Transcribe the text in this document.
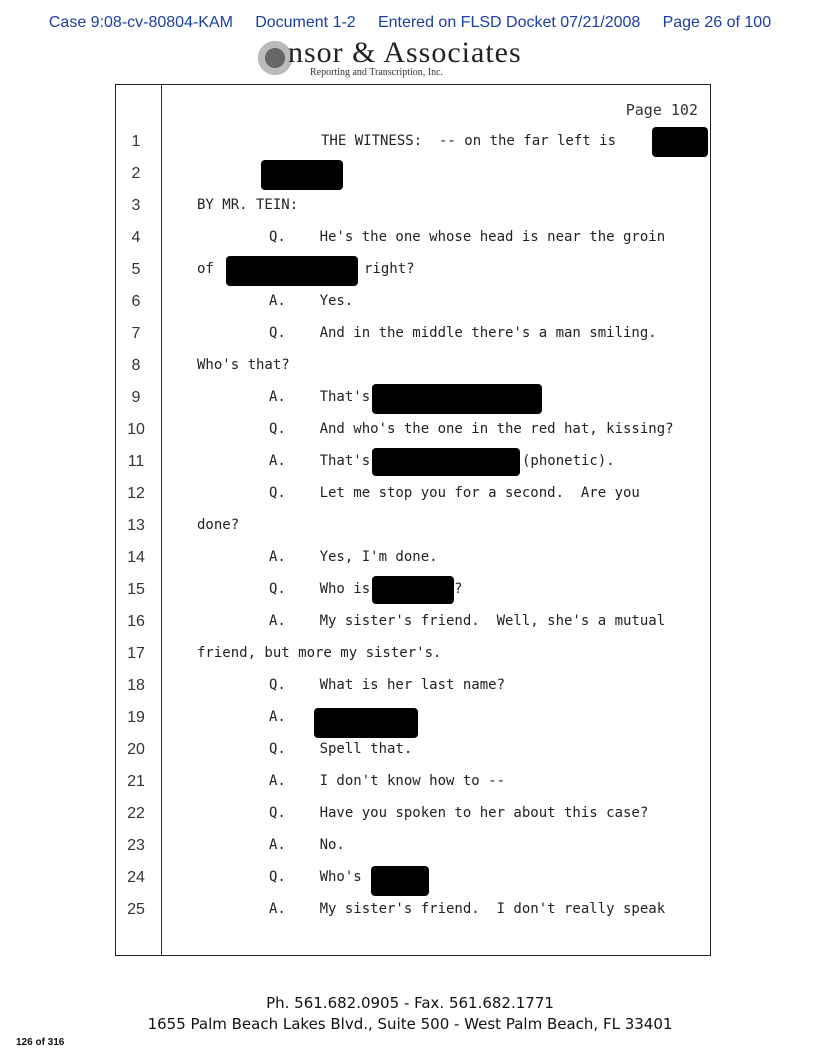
Case 9:08-cv-80804-KAM Document 1-2 Entered on FLSD Docket 07/21/2008 Page 26 of 100
nsor & Associates
Reporting and Transcription, Inc.
Page 102
1	THE WITNESS:  -- on the far left is
2
3	BY MR. TEIN:
4	Q.    He's the one whose head is near the groin
5	of	right?
6	A.    Yes.
7	Q.    And in the middle there's a man smiling.
8	Who's that?
9	A.    That's
10	Q.    And who's the one in the red hat, kissing?
11	A.    That's	(phonetic).
12	Q.    Let me stop you for a second.  Are you
13	done?
14	A.    Yes, I'm done.
15	Q.    Who is	?
16	A.    My sister's friend.  Well, she's a mutual
17	friend, but more my sister's.
18	Q.    What is her last name?
19	A.
20	Q.    Spell that.
21	A.    I don't know how to --
22	Q.    Have you spoken to her about this case?
23	A.    No.
24	Q.    Who's
25	A.    My sister's friend.  I don't really speak
Ph. 561.682.0905 - Fax. 561.682.1771
1655 Palm Beach Lakes Blvd., Suite 500 - West Palm Beach, FL 33401
126 of 316
